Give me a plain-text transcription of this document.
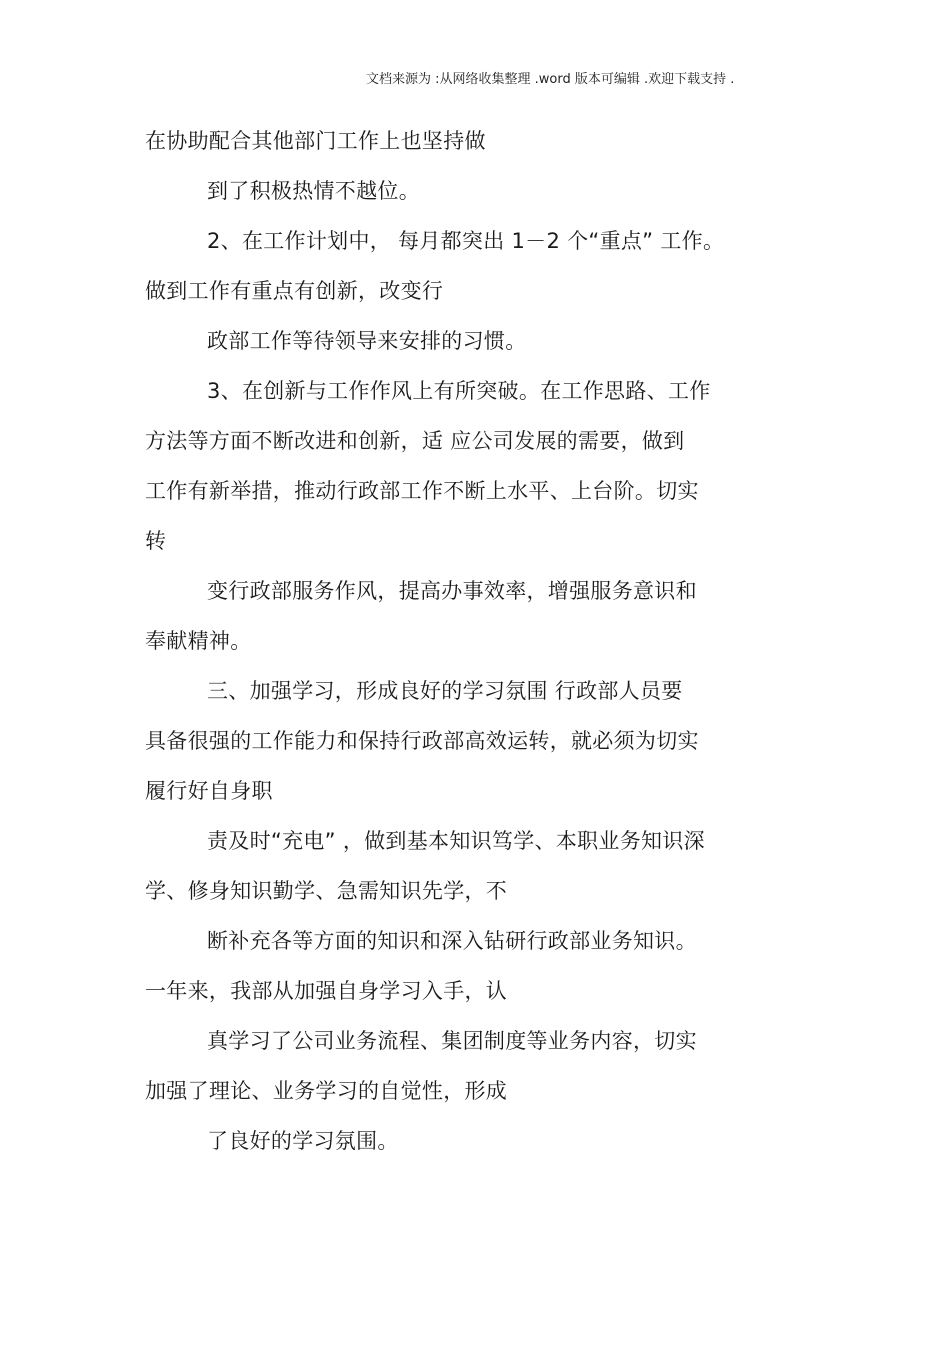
文档来源为 :从网络收集整理 .word 版本可编辑 .欢迎下载支持 .
在协助配合其他部门工作上也坚持做
到了积极热情不越位。
2、在工作计划中， 每月都突出 1－2 个“重点” 工作。
做到工作有重点有创新，改变行
政部工作等待领导来安排的习惯。
3、在创新与工作作风上有所突破。在工作思路、工作
方法等方面不断改进和创新，适 应公司发展的需要，做到
工作有新举措，推动行政部工作不断上水平、上台阶。切实
转
变行政部服务作风，提高办事效率，增强服务意识和
奉献精神。
三、加强学习，形成良好的学习氛围 行政部人员要
具备很强的工作能力和保持行政部高效运转，就必须为切实
履行好自身职
责及时“充电” ，做到基本知识笃学、本职业务知识深
学、修身知识勤学、急需知识先学，不
断补充各等方面的知识和深入钻研行政部业务知识。
一年来，我部从加强自身学习入手，认
真学习了公司业务流程、集团制度等业务内容，切实
加强了理论、业务学习的自觉性，形成
了良好的学习氛围。
